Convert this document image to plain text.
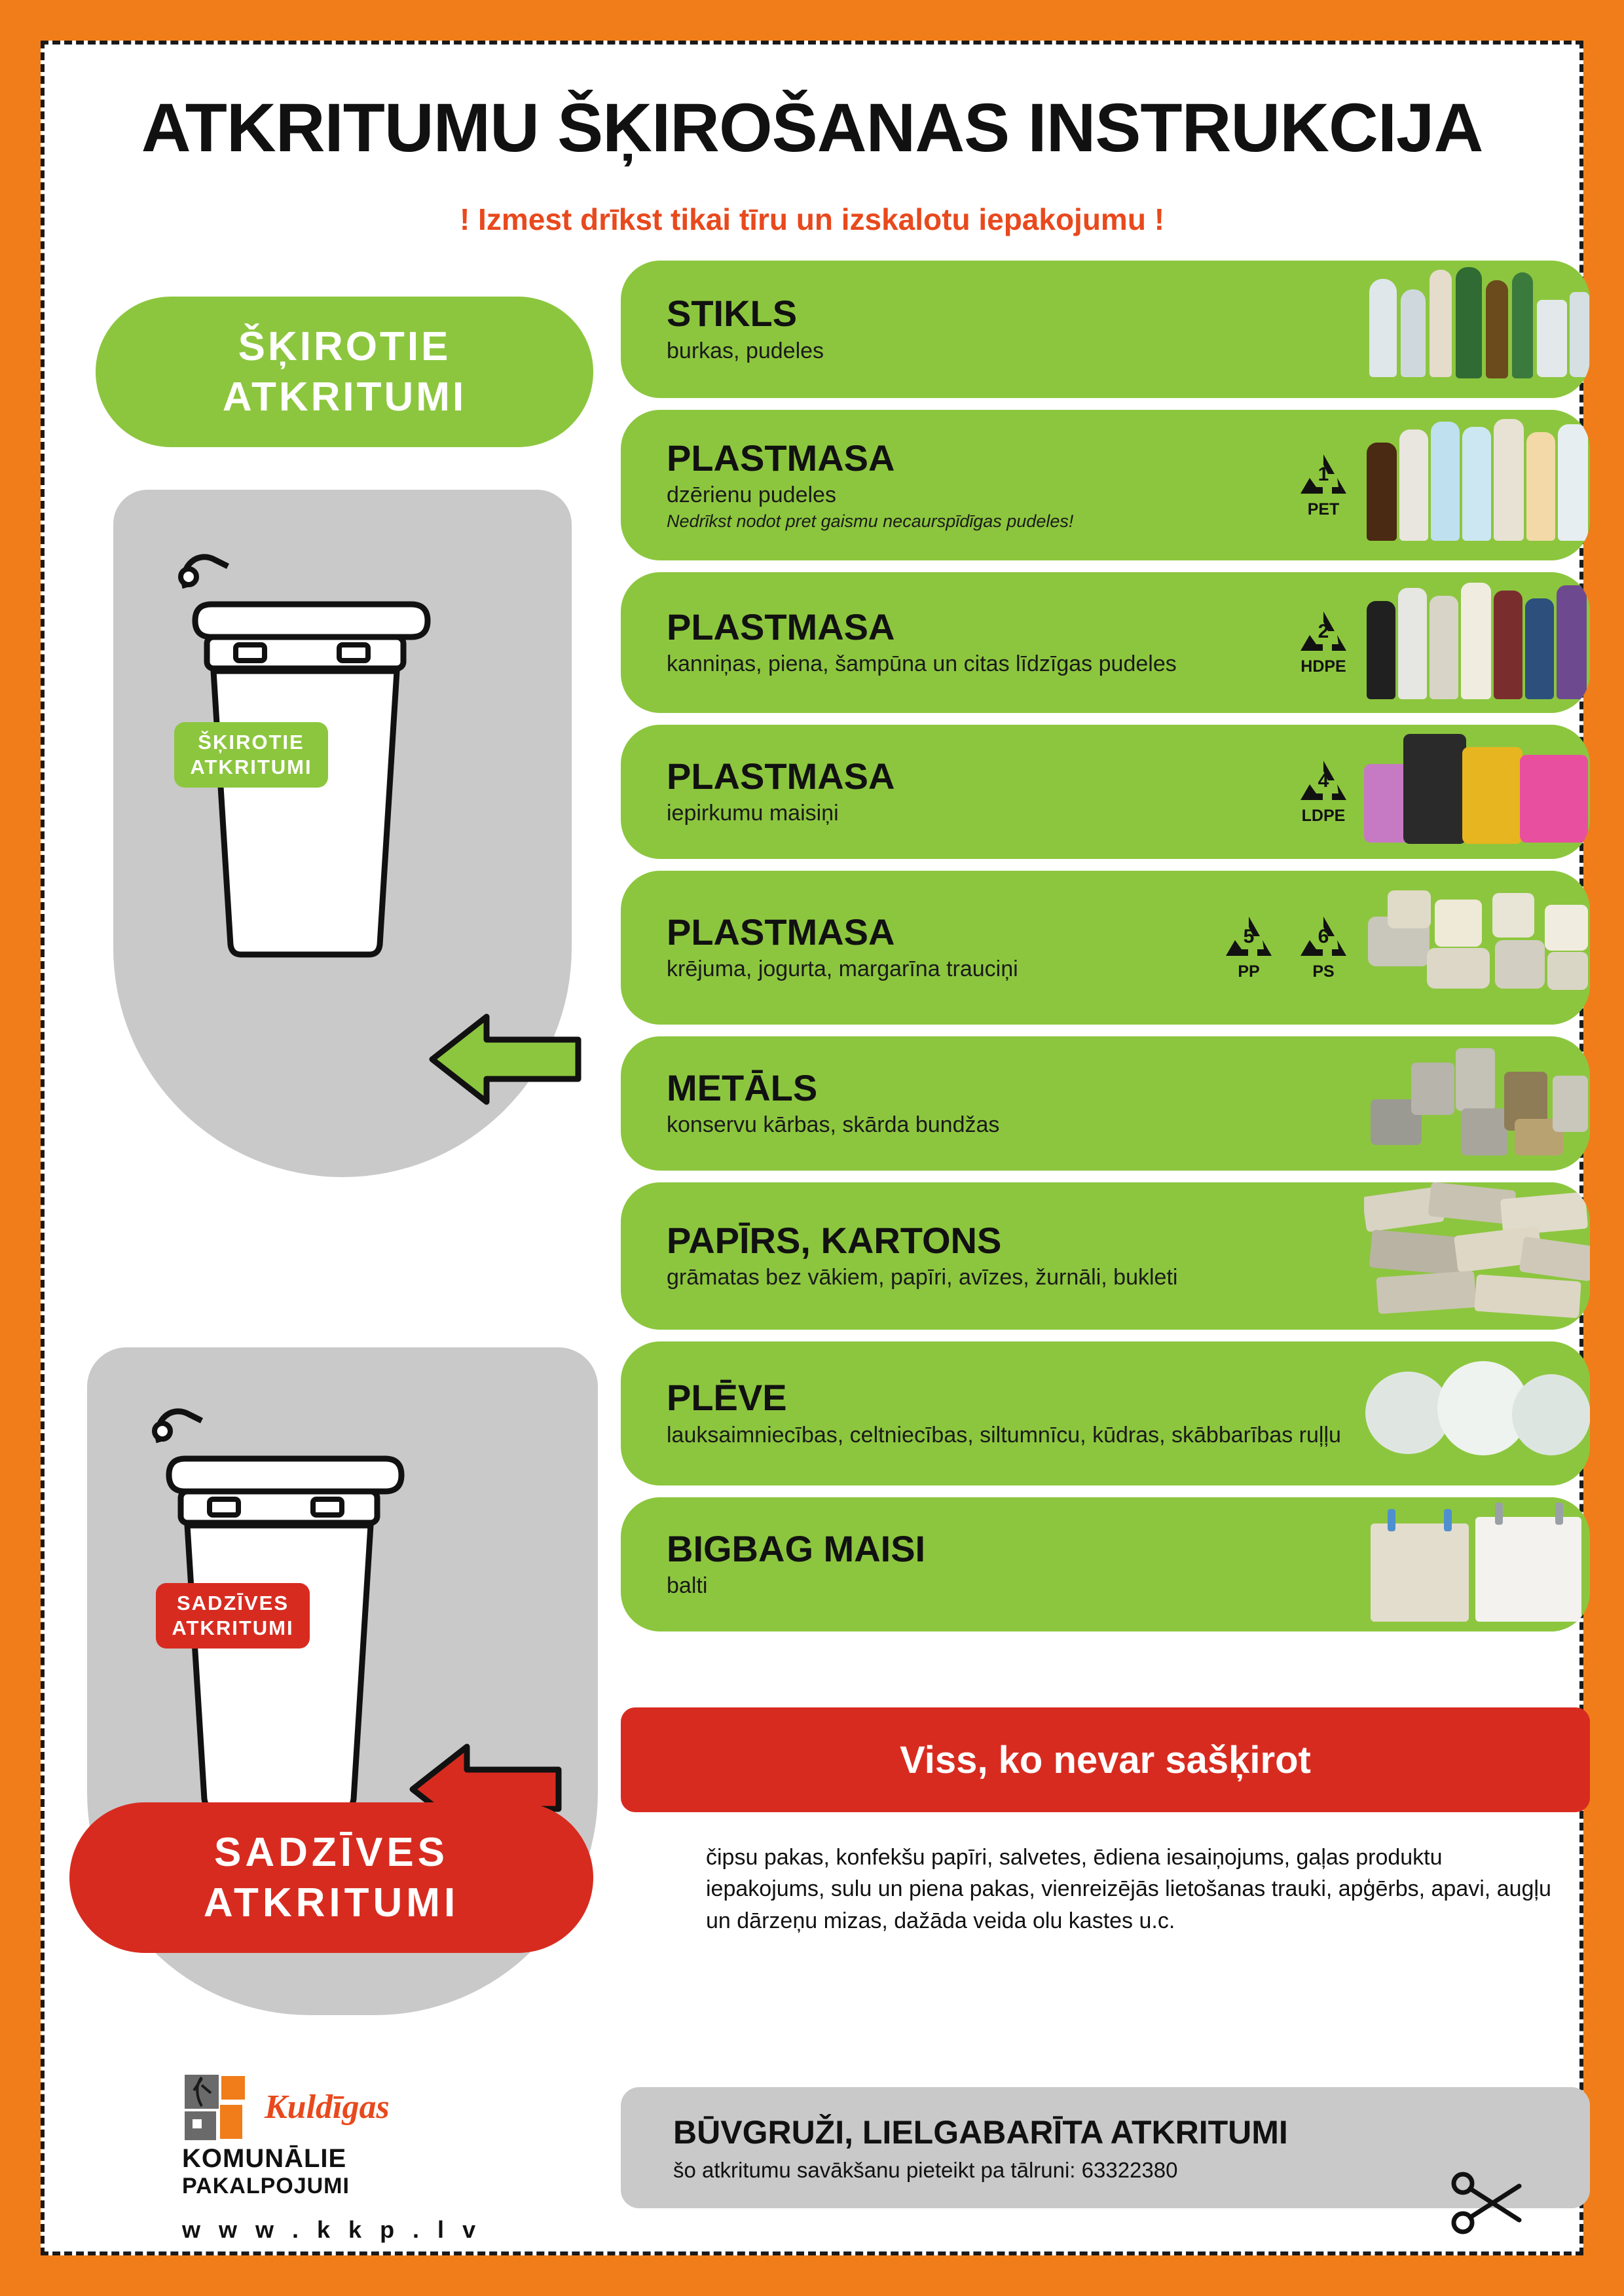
ATKRITUMU ŠĶIROŠANAS INSTRUKCIJA
! Izmest drīkst tikai tīru un izskalotu iepakojumu !
ŠĶIROTIE
ATKRITUMI
ŠĶIROTIE
ATKRITUMI
SADZĪVES
ATKRITUMI
SADZĪVES
ATKRITUMI
STIKLS
burkas, pudeles
PLASTMASA
dzērienu pudeles
Nedrīkst nodot pret gaismu necaurspīdīgas pudeles!
1
PET
PLASTMASA
kanniņas, piena, šampūna un citas līdzīgas pudeles
2
HDPE
PLASTMASA
iepirkumu maisiņi
4
LDPE
PLASTMASA
krējuma, jogurta, margarīna trauciņi
5
PP
6
PS
METĀLS
konservu kārbas, skārda bundžas
PAPĪRS, KARTONS
grāmatas bez vākiem, papīri, avīzes, žurnāli, bukleti
PLĒVE
lauksaimniecības, celtniecības, siltumnīcu, kūdras, skābbarības ruļļu
BIGBAG MAISI
balti
Viss, ko nevar sašķirot
čipsu pakas, konfekšu papīri, salvetes, ēdiena iesaiņojums, gaļas produktu iepakojums, sulu un piena pakas, vienreizējās lietošanas trauki, apģērbs, apavi, augļu un dārzeņu mizas, dažāda veida olu kastes u.c.
BŪVGRUŽI, LIELGABARĪTA ATKRITUMI
šo atkritumu savākšanu pieteikt pa tālruni: 63322380
Kuldīgas
KOMUNĀLIE
PAKALPOJUMI
w w w . k k p . l v
